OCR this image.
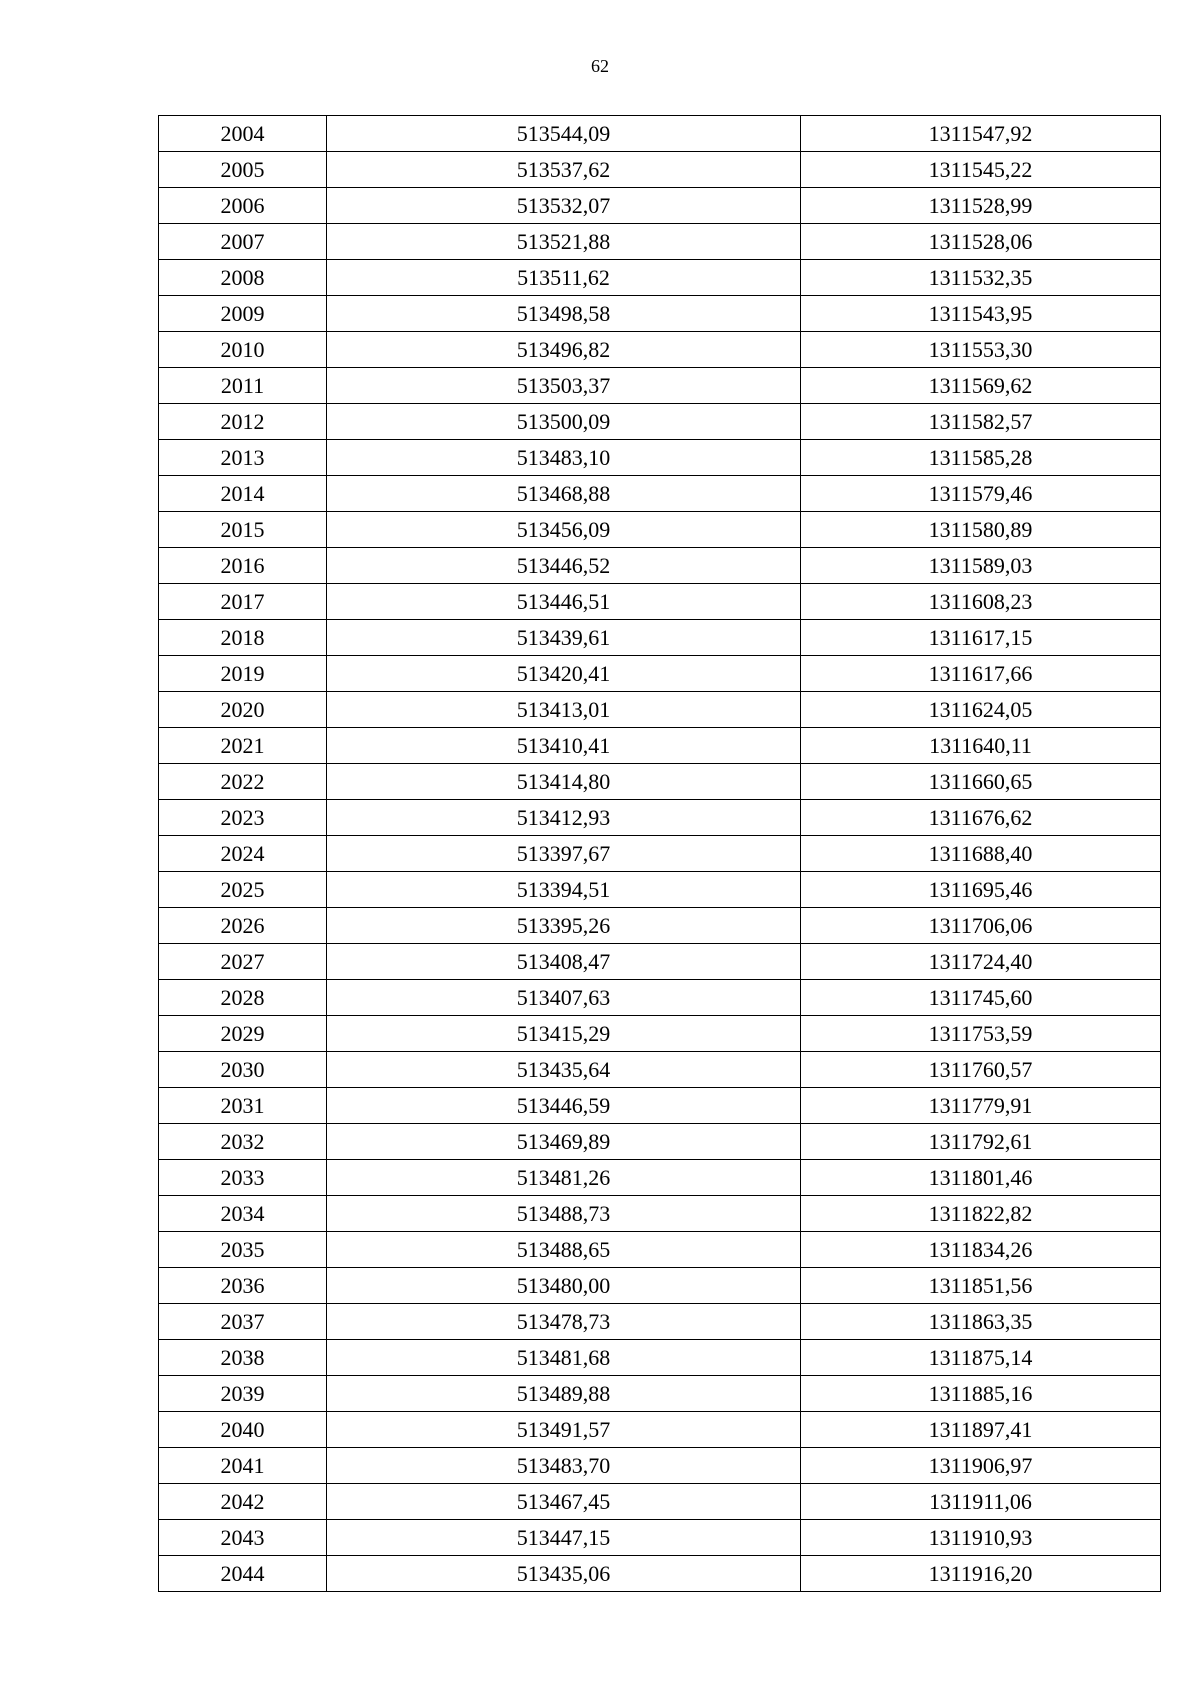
62
2004	513544,09	1311547,92
2005	513537,62	1311545,22
2006	513532,07	1311528,99
2007	513521,88	1311528,06
2008	513511,62	1311532,35
2009	513498,58	1311543,95
2010	513496,82	1311553,30
2011	513503,37	1311569,62
2012	513500,09	1311582,57
2013	513483,10	1311585,28
2014	513468,88	1311579,46
2015	513456,09	1311580,89
2016	513446,52	1311589,03
2017	513446,51	1311608,23
2018	513439,61	1311617,15
2019	513420,41	1311617,66
2020	513413,01	1311624,05
2021	513410,41	1311640,11
2022	513414,80	1311660,65
2023	513412,93	1311676,62
2024	513397,67	1311688,40
2025	513394,51	1311695,46
2026	513395,26	1311706,06
2027	513408,47	1311724,40
2028	513407,63	1311745,60
2029	513415,29	1311753,59
2030	513435,64	1311760,57
2031	513446,59	1311779,91
2032	513469,89	1311792,61
2033	513481,26	1311801,46
2034	513488,73	1311822,82
2035	513488,65	1311834,26
2036	513480,00	1311851,56
2037	513478,73	1311863,35
2038	513481,68	1311875,14
2039	513489,88	1311885,16
2040	513491,57	1311897,41
2041	513483,70	1311906,97
2042	513467,45	1311911,06
2043	513447,15	1311910,93
2044	513435,06	1311916,20
